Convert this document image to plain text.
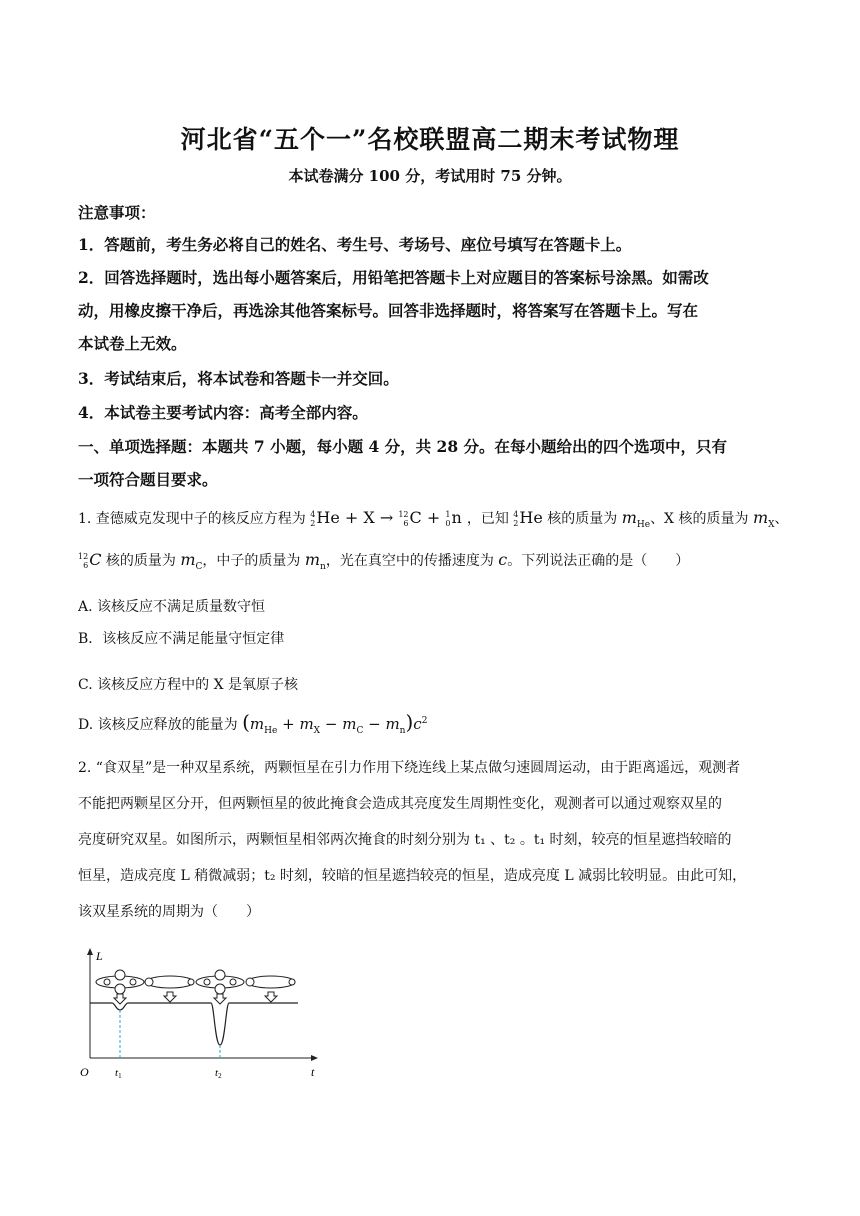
河北省“五个一”名校联盟高二期末考试物理
本试卷满分 100 分，考试用时 75 分钟。
注意事项：
1．答题前，考生务必将自己的姓名、考生号、考场号、座位号填写在答题卡上。
2．回答选择题时，选出每小题答案后，用铅笔把答题卡上对应题目的答案标号涂黑。如需改
动，用橡皮擦干净后，再选涂其他答案标号。回答非选择题时，将答案写在答题卡上。写在
本试卷上无效。
3．考试结束后，将本试卷和答题卡一并交回。
4．本试卷主要考试内容：高考全部内容。
一、单项选择题：本题共 7 小题，每小题 4 分，共 28 分。在每小题给出的四个选项中，只有
一项符合题目要求。
1. 查德威克发现中子的核反应方程为 4
2 He + X → 12
6 C + 1
0 n ，已知 4
2 He 核的质量为 $m_{He}$、X 核的质量为 $m_X$、
12
6 C 核的质量为 $m_C$，中子的质量为 $m_n$，光在真空中的传播速度为 c。下列说法正确的是（　　）
A. 该核反应不满足质量数守恒
B．该核反应不满足能量守恒定律
C. 该核反应方程中的 X 是氧原子核
D. 该核反应释放的能量为 $(m_{He} + m_X - m_C - m_n)c^2$

2. “食双星”是一种双星系统，两颗恒星在引力作用下绕连线上某点做匀速圆周运动，由于距离遥远，观测者

不能把两颗星区分开，但两颗恒星的彼此掩食会造成其亮度发生周期性变化，观测者可以通过观察双星的

亮度研究双星。如图所示，两颗恒星相邻两次掩食的时刻分别为 t₁ 、t₂ 。t₁ 时刻，较亮的恒星遮挡较暗的

恒星，造成亮度 L 稍微减弱；t₂ 时刻，较暗的恒星遮挡较亮的恒星，造成亮度 L 减弱比较明显。由此可知，

该双星系统的周期为（　　）

L
t
O t1	t2
